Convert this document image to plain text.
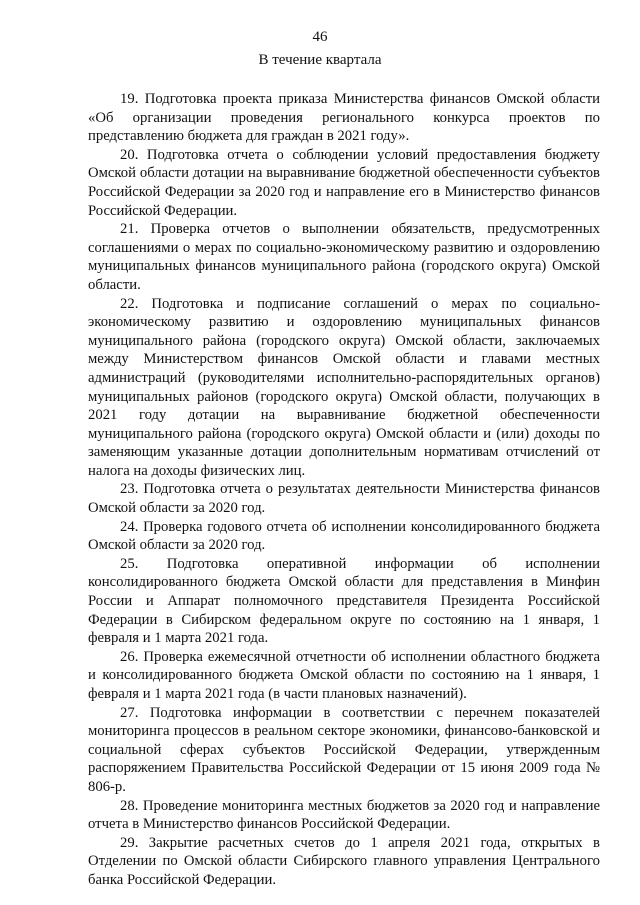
46
В течение квартала

19. Подготовка проекта приказа Министерства финансов Омской области «Об организации проведения регионального конкурса проектов по представлению бюджета для граждан в 2021 году».

20. Подготовка отчета о соблюдении условий предоставления бюджету Омской области дотации на выравнивание бюджетной обеспеченности субъектов Российской Федерации за 2020 год и направление его в Министерство финансов Российской Федерации.

21. Проверка отчетов о выполнении обязательств, предусмотренных соглашениями о мерах по социально-экономическому развитию и оздоровлению муниципальных финансов муниципального района (городского округа) Омской области.

22. Подготовка и подписание соглашений о мерах по социально-экономическому развитию и оздоровлению муниципальных финансов муниципального района (городского округа) Омской области, заключаемых между Министерством финансов Омской области и главами местных администраций (руководителями исполнительно-распорядительных органов) муниципальных районов (городского округа) Омской области, получающих в 2021 году дотации на выравнивание бюджетной обеспеченности муниципального района (городского округа) Омской области и (или) доходы по заменяющим указанные дотации дополнительным нормативам отчислений от налога на доходы физических лиц.

23. Подготовка отчета о результатах деятельности Министерства финансов Омской области за 2020 год.

24. Проверка годового отчета об исполнении консолидированного бюджета Омской области за 2020 год.

25. Подготовка оперативной информации об исполнении консолидированного бюджета Омской области для представления в Минфин России и Аппарат полномочного представителя Президента Российской Федерации в Сибирском федеральном округе по состоянию на 1 января, 1 февраля и 1 марта 2021 года.

26. Проверка ежемесячной отчетности об исполнении областного бюджета и консолидированного бюджета Омской области по состоянию на 1 января, 1 февраля и 1 марта 2021 года (в части плановых назначений).

27. Подготовка информации в соответствии с перечнем показателей мониторинга процессов в реальном секторе экономики, финансово-банковской и социальной сферах субъектов Российской Федерации, утвержденным распоряжением Правительства Российской Федерации от 15 июня 2009 года № 806-р.

28. Проведение мониторинга местных бюджетов за 2020 год и направление отчета в Министерство финансов Российской Федерации.

29. Закрытие расчетных счетов до 1 апреля 2021 года, открытых в Отделении по Омской области Сибирского главного управления Центрального банка Российской Федерации.
